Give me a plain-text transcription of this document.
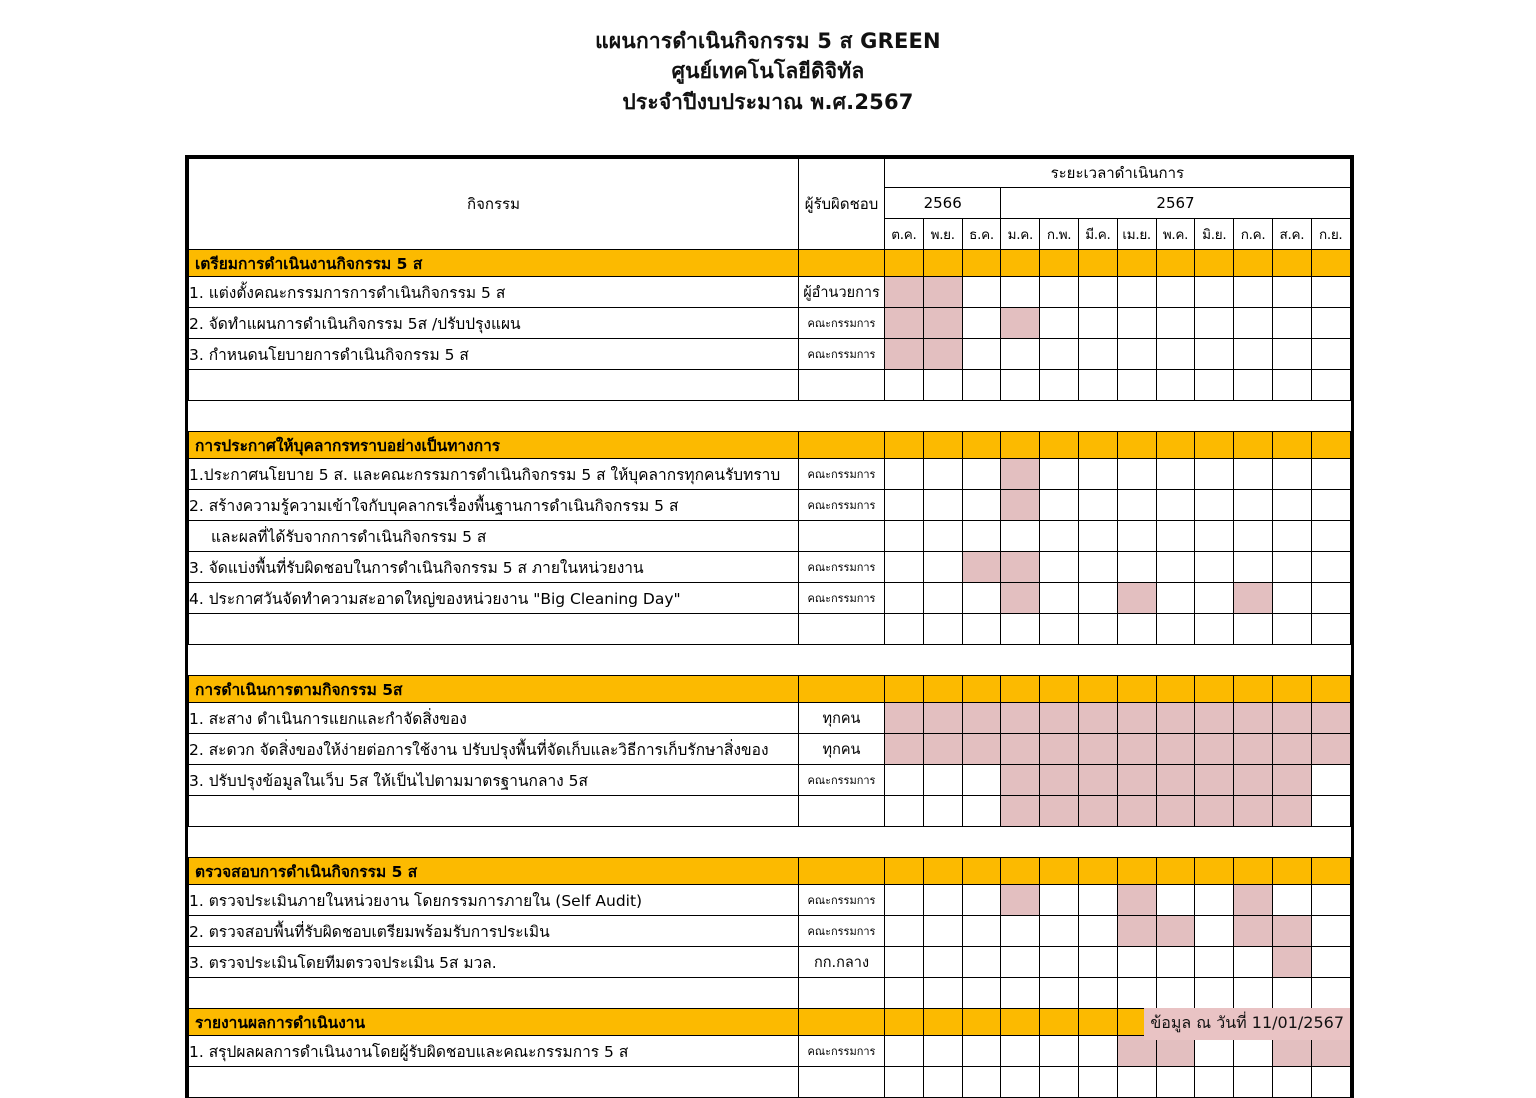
แผนการดำเนินกิจกรรม 5 ส GREEN
ศูนย์เทคโนโลยีดิจิทัล
ประจำปีงบประมาณ พ.ศ.2567
กิจกรรม	ผู้รับผิดชอบ	ระยะเวลาดำเนินการ											
		2566			2567								
		ต.ค.	พ.ย.	ธ.ค.	ม.ค.	ก.พ.	มี.ค.	เม.ย.	พ.ค.	มิ.ย.	ก.ค.	ส.ค.	ก.ย.
เตรียมการดำเนินงานกิจกรรม 5 ส													
1. แต่งตั้งคณะกรรมการการดำเนินกิจกรรม 5 ส	ผู้อำนวยการ												
2. จัดทำแผนการดำเนินกิจกรรม 5ส /ปรับปรุงแผน	คณะกรรมการ												
3. กำหนดนโยบายการดำเนินกิจกรรม 5 ส	คณะกรรมการ												

การประกาศให้บุคลากรทราบอย่างเป็นทางการ													
1.ประกาศนโยบาย 5 ส. และคณะกรรมการดำเนินกิจกรรม 5 ส ให้บุคลากรทุกคนรับทราบ	คณะกรรมการ												
2. สร้างความรู้ความเข้าใจกับบุคลากรเรื่องพื้นฐานการดำเนินกิจกรรม 5 ส	คณะกรรมการ												
และผลที่ได้รับจากการดำเนินกิจกรรม 5 ส													
3. จัดแบ่งพื้นที่รับผิดชอบในการดำเนินกิจกรรม 5 ส ภายในหน่วยงาน	คณะกรรมการ												
4. ประกาศวันจัดทำความสะอาดใหญ่ของหน่วยงาน "Big Cleaning Day"	คณะกรรมการ												

การดำเนินการตามกิจกรรม 5ส													
1. สะสาง ดำเนินการแยกและกำจัดสิ่งของ	ทุกคน												
2. สะดวก จัดสิ่งของให้ง่ายต่อการใช้งาน ปรับปรุงพื้นที่จัดเก็บและวิธีการเก็บรักษาสิ่งของ	ทุกคน												
3. ปรับปรุงข้อมูลในเว็บ 5ส ให้เป็นไปตามมาตรฐานกลาง 5ส	คณะกรรมการ												

ตรวจสอบการดำเนินกิจกรรม 5 ส													
1. ตรวจประเมินภายในหน่วยงาน โดยกรรมการภายใน (Self Audit)	คณะกรรมการ												
2. ตรวจสอบพื้นที่รับผิดชอบเตรียมพร้อมรับการประเมิน	คณะกรรมการ												
3. ตรวจประเมินโดยทีมตรวจประเมิน 5ส มวล.	กก.กลาง												

รายงานผลการดำเนินงาน													
1. สรุปผลผลการดำเนินงานโดยผู้รับผิดชอบและคณะกรรมการ 5 ส	คณะกรรมการ												

ข้อมูล ณ วันที่ 11/01/2567
